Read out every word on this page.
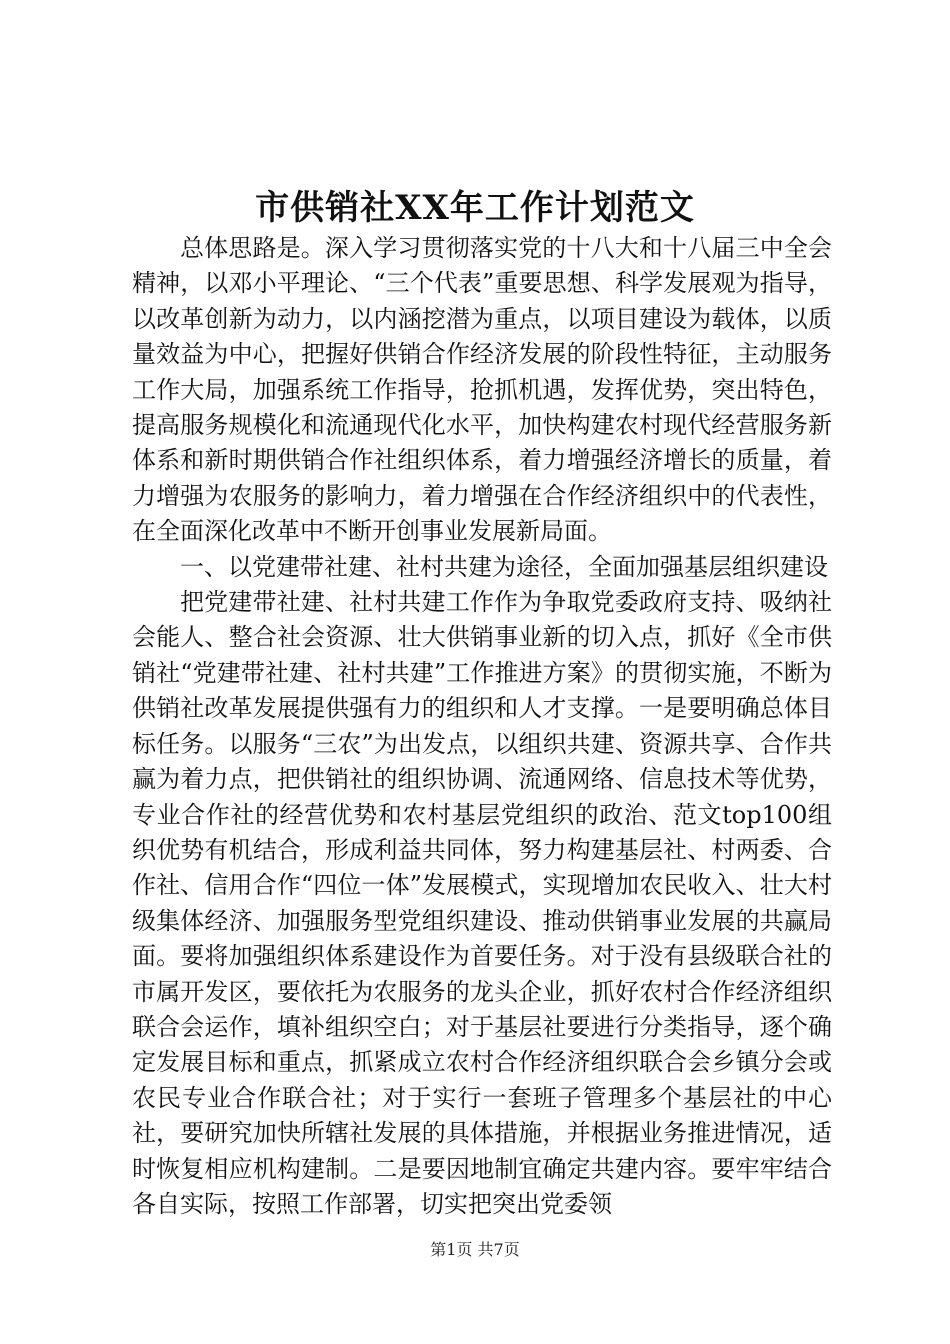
市供销社XX年工作计划范文

总体思路是。深入学习贯彻落实党的十八大和十八届三中全会精神，以邓小平理论、“三个代表”重要思想、科学发展观为指导，以改革创新为动力，以内涵挖潜为重点，以项目建设为载体，以质量效益为中心，把握好供销合作经济发展的阶段性特征，主动服务工作大局，加强系统工作指导，抢抓机遇，发挥优势，突出特色，提高服务规模化和流通现代化水平，加快构建农村现代经营服务新体系和新时期供销合作社组织体系，着力增强经济增长的质量，着力增强为农服务的影响力，着力增强在合作经济组织中的代表性，在全面深化改革中不断开创事业发展新局面。

一、以党建带社建、社村共建为途径，全面加强基层组织建设

把党建带社建、社村共建工作作为争取党委政府支持、吸纳社会能人、整合社会资源、壮大供销事业新的切入点，抓好《全市供销社“党建带社建、社村共建”工作推进方案》的贯彻实施，不断为供销社改革发展提供强有力的组织和人才支撑。一是要明确总体目标任务。以服务“三农”为出发点，以组织共建、资源共享、合作共赢为着力点，把供销社的组织协调、流通网络、信息技术等优势，专业合作社的经营优势和农村基层党组织的政治、范文top100组织优势有机结合，形成利益共同体，努力构建基层社、村两委、合作社、信用合作“四位一体”发展模式，实现增加农民收入、壮大村级集体经济、加强服务型党组织建设、推动供销事业发展的共赢局面。要将加强组织体系建设作为首要任务。对于没有县级联合社的市属开发区，要依托为农服务的龙头企业，抓好农村合作经济组织联合会运作，填补组织空白；对于基层社要进行分类指导，逐个确定发展目标和重点，抓紧成立农村合作经济组织联合会乡镇分会或农民专业合作联合社；对于实行一套班子管理多个基层社的中心社，要研究加快所辖社发展的具体措施，并根据业务推进情况，适时恢复相应机构建制。二是要因地制宜确定共建内容。要牢牢结合各自实际，按照工作部署，切实把突出党委领

第1页 共7页
